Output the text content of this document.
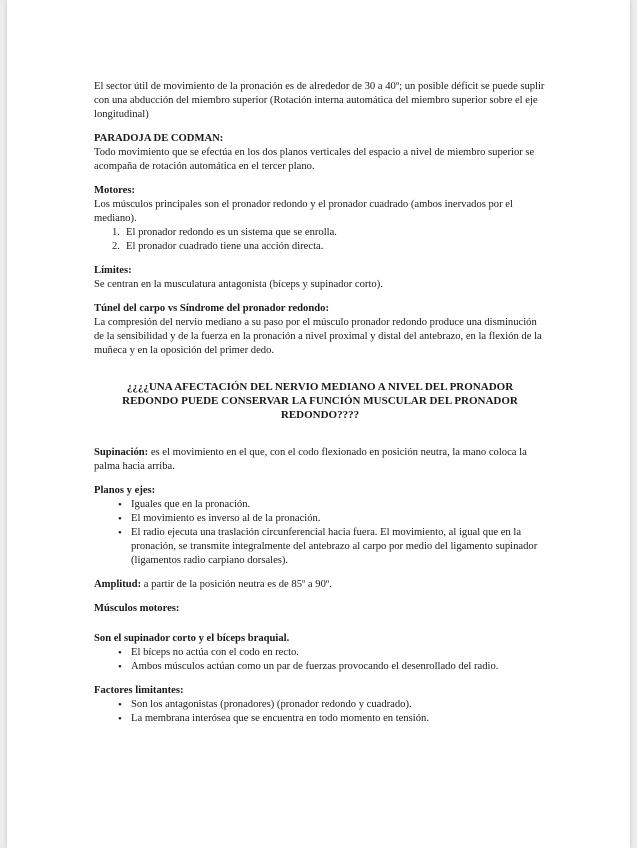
El sector útil de movimiento de la pronación es de alrededor de 30 a 40º; un posible déficit se puede suplir con una abducción del miembro superior (Rotación interna automática del miembro superior sobre el eje longitudinal)

PARADOJA DE CODMAN:

Todo movimiento que se efectúa en los dos planos verticales del espacio a nivel de miembro superior se acompaña de rotación automática en el tercer plano.

Motores:

Los músculos principales son el pronador redondo y el pronador cuadrado (ambos inervados por el mediano).

1. El pronador redondo es un sistema que se enrolla.
2. El pronador cuadrado tiene una acción directa.

Límites:

Se centran en la musculatura antagonista (bíceps y supinador corto).

Túnel del carpo vs Síndrome del pronador redondo:

La compresión del nervio mediano a su paso por el músculo pronador redondo produce una disminución de la sensibilidad y de la fuerza en la pronación a nivel proximal y distal del antebrazo, en la flexión de la muñeca y en la oposición del primer dedo.

¿¿¿¿UNA AFECTACIÓN DEL NERVIO MEDIANO A NIVEL DEL PRONADOR REDONDO PUEDE CONSERVAR LA FUNCIÓN MUSCULAR DEL PRONADOR REDONDO????

Supinación: es el movimiento en el que, con el codo flexionado en posición neutra, la mano coloca la palma hacia arriba.

Planos y ejes:

• Iguales que en la pronación.
• El movimiento es inverso al de la pronación.
• El radio ejecuta una traslación circunferencial hacia fuera. El movimiento, al igual que en la pronación, se transmite integralmente del antebrazo al carpo por medio del ligamento supinador (ligamentos radio carpiano dorsales).

Amplitud: a partir de la posición neutra es de 85º a 90º.

Músculos motores:

Son el supinador corto y el bíceps braquial.

• El bíceps no actúa con el codo en recto.
• Ambos músculos actúan como un par de fuerzas provocando el desenrollado del radio.

Factores limitantes:

• Son los antagonistas (pronadores) (pronador redondo y cuadrado).
• La membrana interósea que se encuentra en todo momento en tensión.
